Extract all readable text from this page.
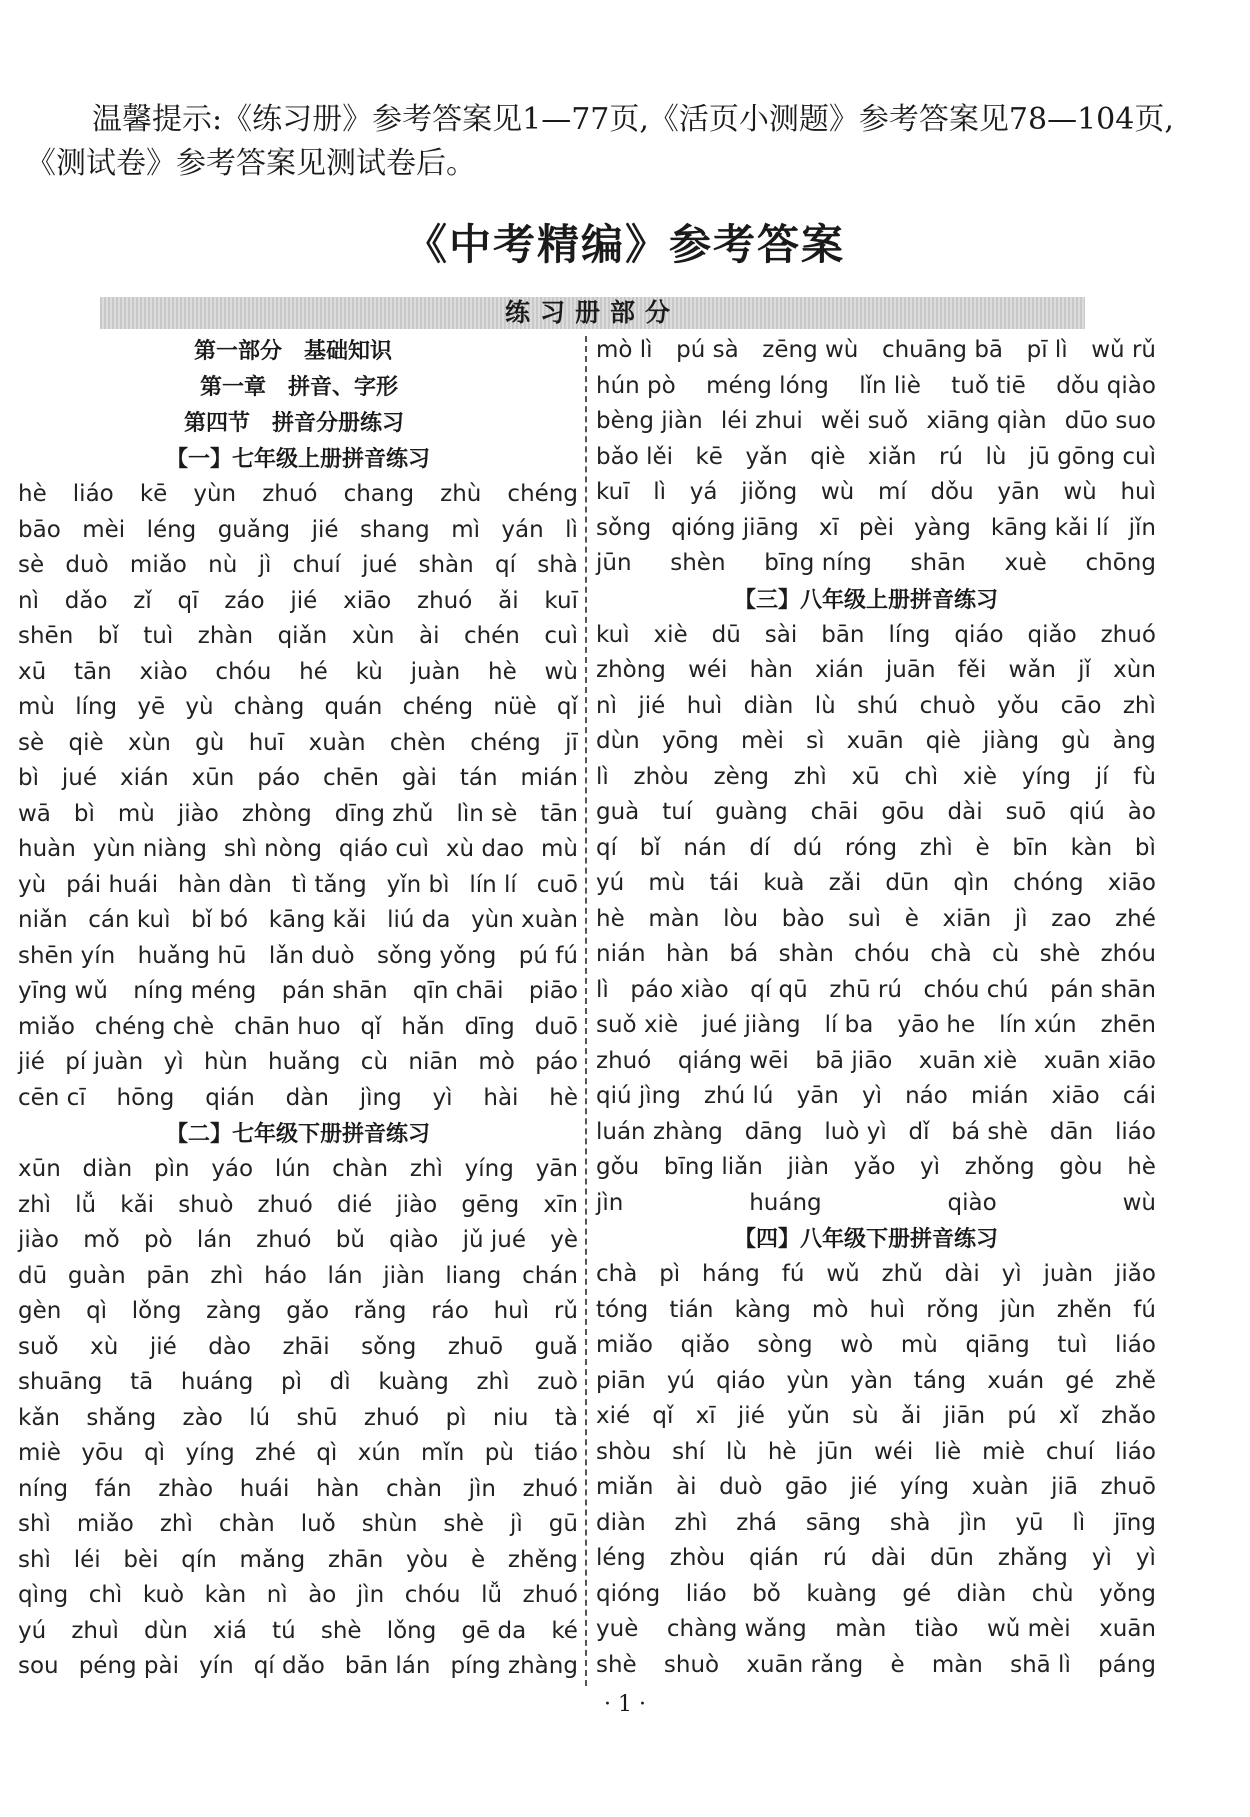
温馨提示:《练习册》参考答案见1—77页,《活页小测题》参考答案见78—104页,《测试卷》参考答案见测试卷后。
《中考精编》参考答案
练习册部分
第一部分　基础知识
第一章　拼音、字形
第四节　拼音分册练习
【一】七年级上册拼音练习
hè liáo kē yùn zhuó chang zhù chéng
bāo mèi léng guǎng jié shang mì yán lì
sè duò miǎo nù jì chuí jué shàn qí shà
nì dǎo zǐ qī záo jié xiāo zhuó ǎi kuī
shēn bǐ tuì zhàn qiǎn xùn ài chén cuì
xū tān xiào chóu hé kù juàn hè wù
mù líng yē yù chàng quán chéng nüè qǐ
sè qiè xùn gù huī xuàn chèn chéng jī
bì jué xián xūn páo chēn gài tán mián
wā bì mù jiào zhòng dīng zhǔ lìn sè tān
huàn yùn niàng shì nòng qiáo cuì xù dao mù
yù pái huái hàn dàn tì tǎng yǐn bì lín lí cuō
niǎn cán kuì bǐ bó kāng kǎi liú da yùn xuàn
shēn yín huǎng hū lǎn duò sǒng yǒng pú fú
yīng wǔ níng méng pán shān qīn chāi piāo
miǎo chéng chè chān huo qǐ hǎn dīng duō
jié pí juàn yì hùn huǎng cù niān mò páo
cēn cī hōng qián dàn jìng yì hài hè
【二】七年级下册拼音练习
xūn diàn pìn yáo lún chàn zhì yíng yān
zhì lǚ kǎi shuò zhuó dié jiào gēng xīn
jiào mǒ pò lán zhuó bǔ qiào jǔ jué yè
dū guàn pān zhì háo lán jiàn liang chán
gèn qì lǒng zàng gǎo rǎng ráo huì rǔ
suǒ xù jié dào zhāi sǒng zhuō guǎ
shuāng tā huáng pì dì kuàng zhì zuò
kǎn shǎng zào lú shū zhuó pì niu tà
miè yōu qì yíng zhé qì xún mǐn pù tiáo
níng fán zhào huái hàn chàn jìn zhuó
shì miǎo zhì chàn luǒ shùn shè jì gū
shì léi bèi qín mǎng zhān yòu è zhěng
qìng chì kuò kàn nì ào jìn chóu lǚ zhuó
yú zhuì dùn xiá tú shè lǒng gē da ké
sou péng pài yín qí dǎo bān lán píng zhàng
mò lì pú sà zēng wù chuāng bā pī lì wǔ rǔ
hún pò méng lóng lǐn liè tuǒ tiē dǒu qiào
bèng jiàn léi zhui wěi suǒ xiāng qiàn dūo suo
bǎo lěi kē yǎn qiè xiǎn rú lù jū gōng cuì
kuī lì yá jiǒng wù mí dǒu yān wù huì
sǒng qióng jiāng xī pèi yàng kāng kǎi lí jǐn
jūn shèn bīng níng shān xuè chōng
【三】八年级上册拼音练习
kuì xiè dū sài bān líng qiáo qiǎo zhuó
zhòng wéi hàn xián juān fěi wǎn jǐ xùn
nì jié huì diàn lù shú chuò yǒu cāo zhì
dùn yōng mèi sì xuān qiè jiàng gù àng
lì zhòu zèng zhì xū chì xiè yíng jí fù
guà tuí guàng chāi gōu dài suō qiú ào
qí bǐ nán dí dú róng zhì è bīn kàn bì
yú mù tái kuà zǎi dūn qìn chóng xiāo
hè màn lòu bào suì è xiān jì zao zhé
nián hàn bá shàn chóu chà cù shè zhóu
lì páo xiào qí qū zhū rú chóu chú pán shān
suǒ xiè jué jiàng lí ba yāo he lín xún zhēn
zhuó qiáng wēi bā jiāo xuān xiè xuān xiāo
qiú jìng zhú lú yān yì náo mián xiāo cái
luán zhàng dāng luò yì dǐ bá shè dān liáo
gǒu bīng liǎn jiàn yǎo yì zhǒng gòu hè
jìn	huáng	qiào	wù
【四】八年级下册拼音练习
chà pì háng fú wǔ zhǔ dài yì juàn jiǎo
tóng tián kàng mò huì rǒng jùn zhěn fú
miǎo qiǎo sòng wò mù qiāng tuì liáo
piān yú qiáo yùn yàn táng xuán gé zhě
xié qǐ xī jié yǔn sù ǎi jiān pú xǐ zhǎo
shòu shí lù hè jūn wéi liè miè chuí liáo
miǎn ài duò gāo jié yíng xuàn jiā zhuō
diàn zhì zhá sāng shà jìn yū lì jīng
léng zhòu qián rú dài dūn zhǎng yì yì
qióng liáo bǒ kuàng gé diàn chù yǒng
yuè chàng wǎng màn tiào wǔ mèi xuān
shè shuò xuān rǎng è màn shā lì páng
· 1 ·
